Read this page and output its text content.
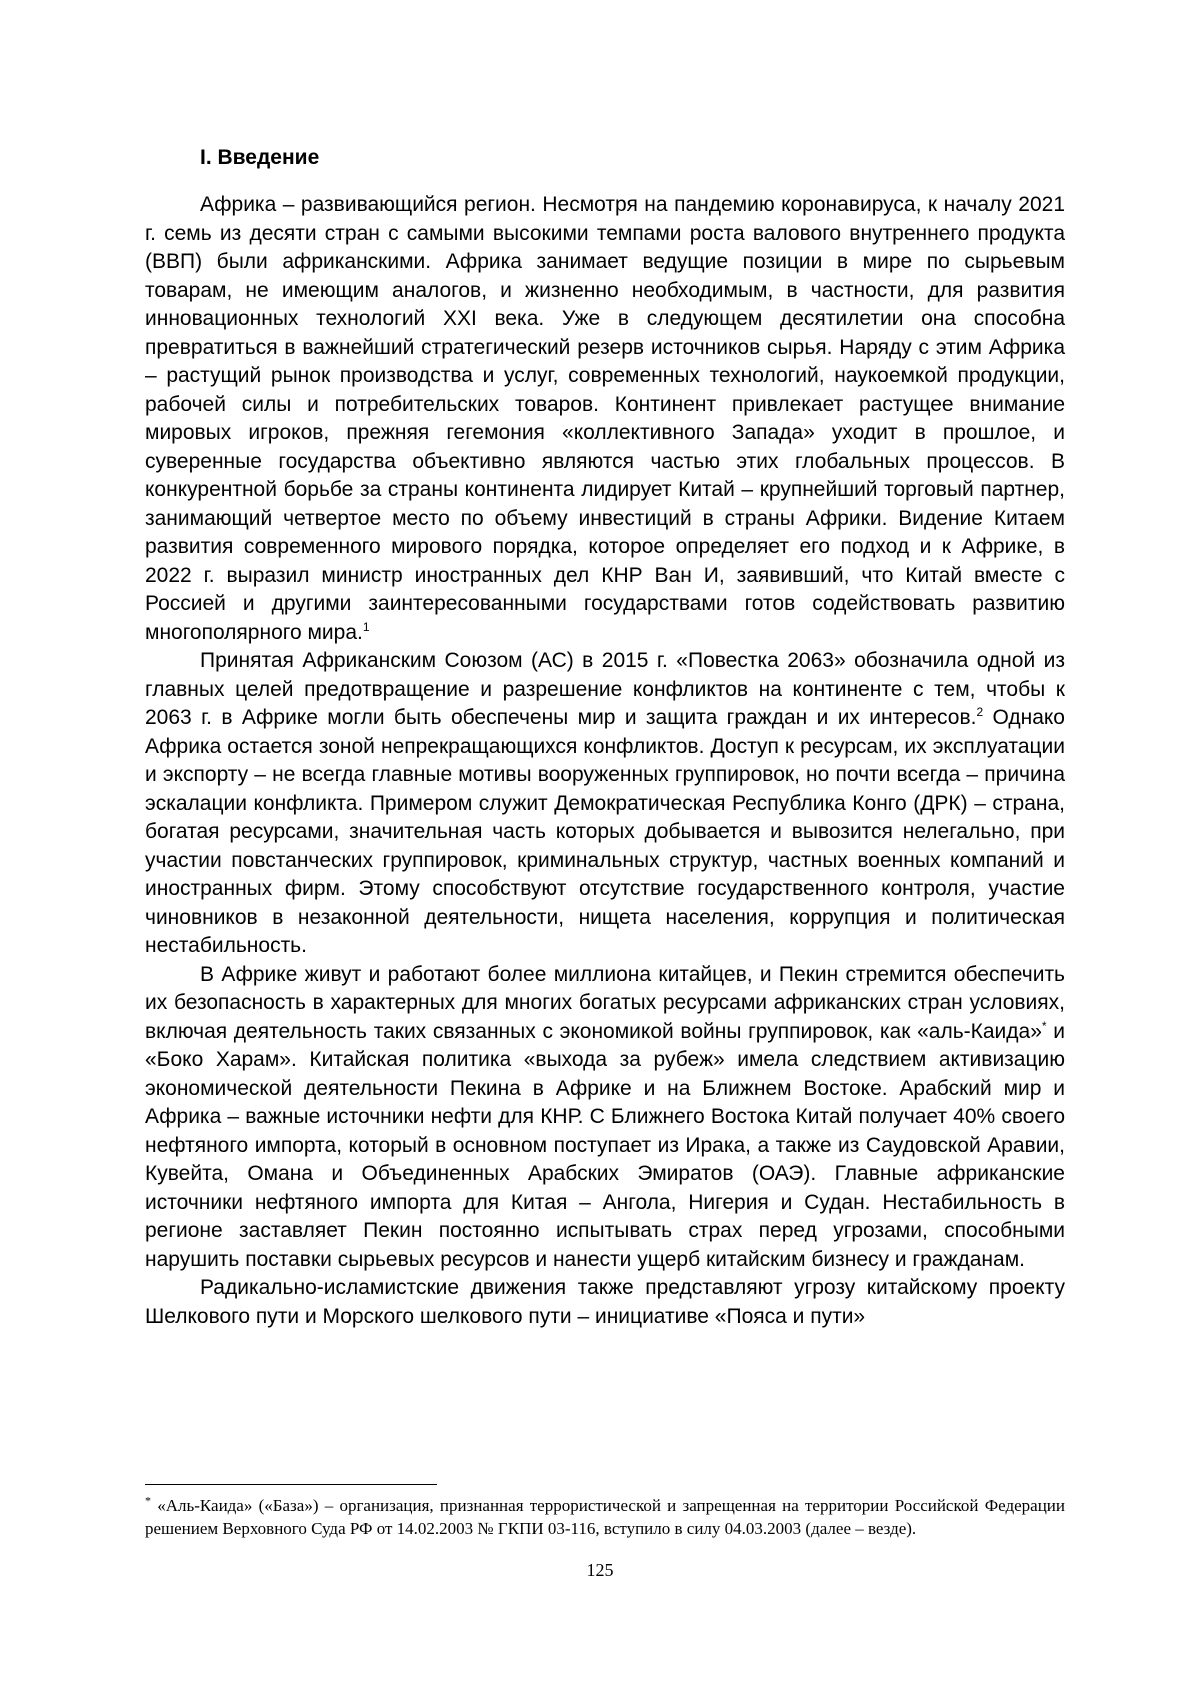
I. Введение

Африка – развивающийся регион. Несмотря на пандемию коронавируса, к началу 2021 г. семь из десяти стран с самыми высокими темпами роста валового внутреннего продукта (ВВП) были африканскими. Африка занимает ведущие позиции в мире по сырьевым товарам, не имеющим аналогов, и жизненно необходимым, в частности, для развития инновационных технологий XXI века. Уже в следующем десятилетии она способна превратиться в важнейший стратегический резерв источников сырья. Наряду с этим Африка – растущий рынок производства и услуг, современных технологий, наукоемкой продукции, рабочей силы и потребительских товаров. Континент привлекает растущее внимание мировых игроков, прежняя гегемония «коллективного Запада» уходит в прошлое, и суверенные государства объективно являются частью этих глобальных процессов. В конкурентной борьбе за страны континента лидирует Китай – крупнейший торговый партнер, занимающий четвертое место по объему инвестиций в страны Африки. Видение Китаем развития современного мирового порядка, которое определяет его подход и к Африке, в 2022 г. выразил министр иностранных дел КНР Ван И, заявивший, что Китай вместе с Россией и другими заинтересованными государствами готов содействовать развитию многополярного мира.$^1$

Принятая Африканским Союзом (АС) в 2015 г. «Повестка 2063» обозначила одной из главных целей предотвращение и разрешение конфликтов на континенте с тем, чтобы к 2063 г. в Африке могли быть обеспечены мир и защита граждан и их интересов.$^2$ Однако Африка остается зоной непрекращающихся конфликтов. Доступ к ресурсам, их эксплуатации и экспорту – не всегда главные мотивы вооруженных группировок, но почти всегда – причина эскалации конфликта. Примером служит Демократическая Республика Конго (ДРК) – страна, богатая ресурсами, значительная часть которых добывается и вывозится нелегально, при участии повстанческих группировок, криминальных структур, частных военных компаний и иностранных фирм. Этому способствуют отсутствие государственного контроля, участие чиновников в незаконной деятельности, нищета населения, коррупция и политическая нестабильность.

В Африке живут и работают более миллиона китайцев, и Пекин стремится обеспечить их безопасность в характерных для многих богатых ресурсами африканских стран условиях, включая деятельность таких связанных с экономикой войны группировок, как «аль-Каида»* и «Боко Харам». Китайская политика «выхода за рубеж» имела следствием активизацию экономической деятельности Пекина в Африке и на Ближнем Востоке. Арабский мир и Африка – важные источники нефти для КНР. С Ближнего Востока Китай получает 40% своего нефтяного импорта, который в основном поступает из Ирака, а также из Саудовской Аравии, Кувейта, Омана и Объединенных Арабских Эмиратов (ОАЭ). Главные африканские источники нефтяного импорта для Китая – Ангола, Нигерия и Судан. Нестабильность в регионе заставляет Пекин постоянно испытывать страх перед угрозами, способными нарушить поставки сырьевых ресурсов и нанести ущерб китайским бизнесу и гражданам.

Радикально-исламистские движения также представляют угрозу китайскому проекту Шелкового пути и Морского шелкового пути – инициативе «Пояса и пути»

* «Аль-Каида» («База») – организация, признанная террористической и запрещенная на территории Российской Федерации решением Верховного Суда РФ от 14.02.2003 № ГКПИ 03-116, вступило в силу 04.03.2003 (далее – везде).
125
